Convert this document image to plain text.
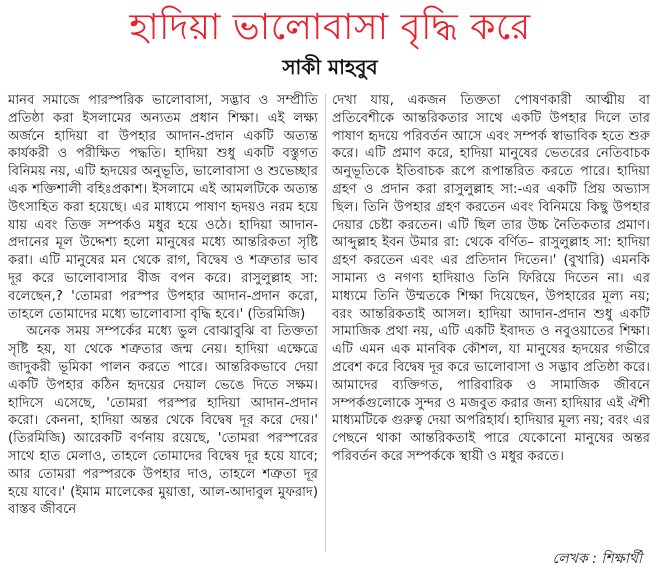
হাদিয়া ভালোবাসা বৃদ্ধি করে
সাকী মাহবুব

মানব সমাজে পারস্পরিক ভালোবাসা, সদ্ভাব ও সম্প্রীতি প্রতিষ্ঠা করা ইসলামের অন্যতম প্রধান শিক্ষা। এই লক্ষ্য অর্জনে হাদিয়া বা উপহার আদান-প্রদান একটি অত্যন্ত কার্যকরী ও পরীক্ষিত পদ্ধতি। হাদিয়া শুধু একটি বস্তুগত বিনিময় নয়, এটি হৃদয়ের অনুভূতি, ভালোবাসা ও শুভেচ্ছার এক শক্তিশালী বহিঃপ্রকাশ। ইসলামে এই আমলটিকে অত্যন্ত উৎসাহিত করা হয়েছে। এর মাধ্যমে পাষাণ হৃদয়ও নরম হয়ে যায় এবং তিক্ত সম্পর্কও মধুর হয়ে ওঠে। হাদিয়া আদান-প্রদানের মূল উদ্দেশ্য হলো মানুষের মধ্যে আন্তরিকতা সৃষ্টি করা। এটি মানুষের মন থেকে রাগ, বিদ্বেষ ও শত্রুতার ভাব দূর করে ভালোবাসার বীজ বপন করে। রাসুলুল্লাহ সা: বলেছেন,? 'তোমরা পরস্পর উপহার আদান-প্রদান করো, তাহলে তোমাদের মধ্যে ভালোবাসা বৃদ্ধি হবে।' (তিরমিজি)

অনেক সময় সম্পর্কের মধ্যে ভুল বোঝাবুঝি বা তিক্ততা সৃষ্টি হয়, যা থেকে শত্রুতার জন্ম নেয়। হাদিয়া এক্ষেত্রে জাদুকরী ভূমিকা পালন করতে পারে। আন্তরিকভাবে দেয়া একটি উপহার কঠিন হৃদয়ের দেয়াল ভেঙে দিতে সক্ষম। হাদিসে এসেছে, 'তোমরা পরস্পর হাদিয়া আদান-প্রদান করো। কেননা, হাদিয়া অন্তর থেকে বিদ্বেষ দূর করে দেয়।' (তিরমিজি) আরেকটি বর্ণনায় রয়েছে, 'তোমরা পরস্পরের সাথে হাত মেলাও, তাহলে তোমাদের বিদ্বেষ দূর হয়ে যাবে; আর তোমরা পরস্পরকে উপহার দাও, তাহলে শত্রুতা দূর হয়ে যাবে।' (ইমাম মালেকের মুয়াত্তা, আল-আদাবুল মুফরাদ) বাস্তব জীবনে

দেখা যায়, একজন তিক্ততা পোষণকারী আত্মীয় বা প্রতিবেশীকে আন্তরিকতার সাথে একটি উপহার দিলে তার পাষাণ হৃদয়ে পরিবর্তন আসে এবং সম্পর্ক স্বাভাবিক হতে শুরু করে। এটি প্রমাণ করে, হাদিয়া মানুষের ভেতরের নেতিবাচক অনুভূতিকে ইতিবাচক রূপে রূপান্তরিত করতে পারে। হাদিয়া গ্রহণ ও প্রদান করা রাসুলুল্লাহ সা:-এর একটি প্রিয় অভ্যাস ছিল। তিনি উপহার গ্রহণ করতেন এবং বিনিময়ে কিছু উপহার দেয়ার চেষ্টা করতেন। এটি ছিল তার উচ্চ নৈতিকতার প্রমাণ। আব্দুল্লাহ ইবন উমার রা: থেকে বর্ণিত– রাসুলুল্লাহ সা: হাদিয়া গ্রহণ করতেন এবং এর প্রতিদান দিতেন।' (বুখারি) এমনকি সামান্য ও নগণ্য হাদিয়াও তিনি ফিরিয়ে দিতেন না। এর মাধ্যমে তিনি উম্মতকে শিক্ষা দিয়েছেন, উপহারের মূল্য নয়; বরং আন্তরিকতাই আসল। হাদিয়া আদান-প্রদান শুধু একটি সামাজিক প্রথা নয়, এটি একটি ইবাদত ও নবুওয়াতের শিক্ষা। এটি এমন এক মানবিক কৌশল, যা মানুষের হৃদয়ের গভীরে প্রবেশ করে বিদ্বেষ দূর করে ভালোবাসা ও সদ্ভাব প্রতিষ্ঠা করে। আমাদের ব্যক্তিগত, পারিবারিক ও সামাজিক জীবনে সম্পর্কগুলোকে সুন্দর ও মজবুত করার জন্য হাদিয়ার এই ঐশী মাধ্যমটিকে গুরুত্ব দেয়া অপরিহার্য। হাদিয়ার মূল্য নয়; বরং এর পেছনে থাকা আন্তরিকতাই পারে যেকোনো মানুষের অন্তর পরিবর্তন করে সম্পর্ককে স্থায়ী ও মধুর করতে।

লেখক : শিক্ষার্থী
